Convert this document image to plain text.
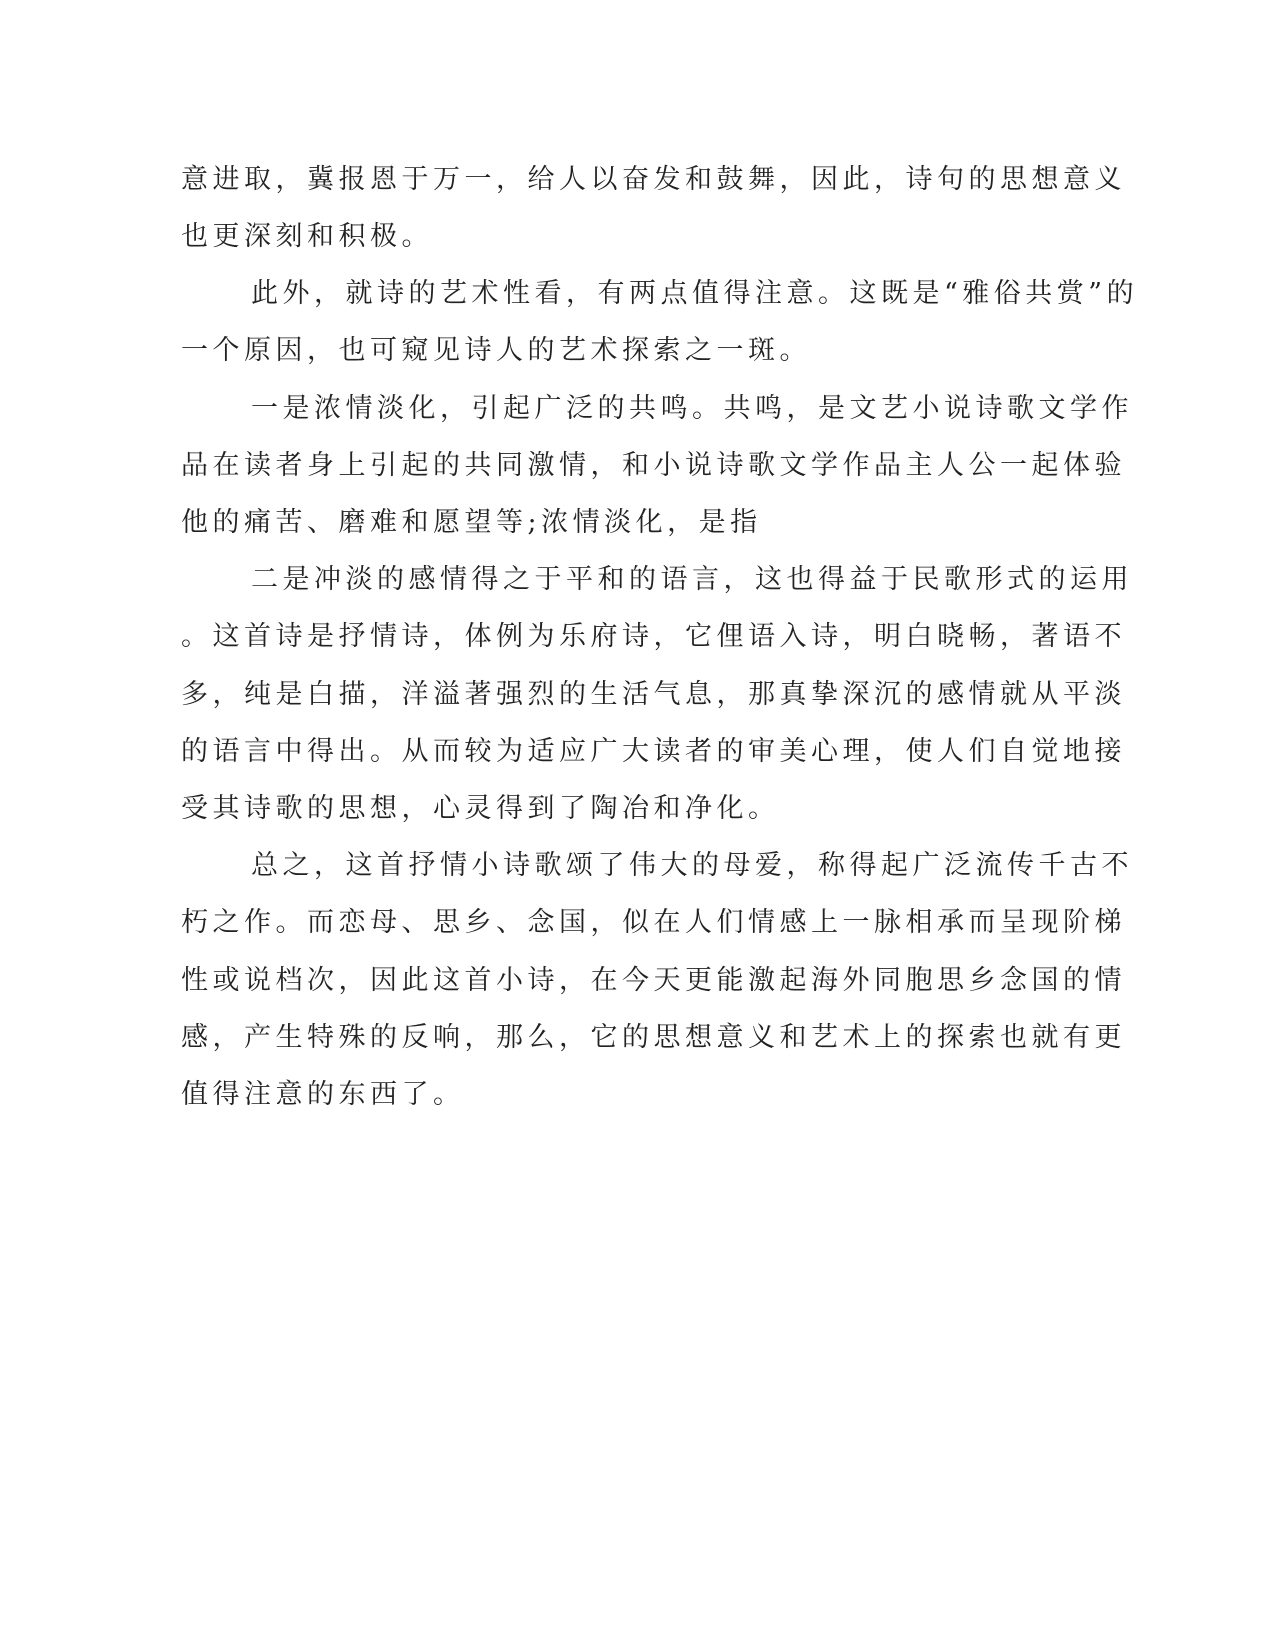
意进取，冀报恩于万一，给人以奋发和鼓舞，因此，诗句的思想意义
也更深刻和积极。
此外，就诗的艺术性看，有两点值得注意。这既是“雅俗共赏”的
一个原因，也可窥见诗人的艺术探索之一斑。
一是浓情淡化，引起广泛的共鸣。共鸣，是文艺小说诗歌文学作
品在读者身上引起的共同激情，和小说诗歌文学作品主人公一起体验
他的痛苦、磨难和愿望等;浓情淡化，是指
二是冲淡的感情得之于平和的语言，这也得益于民歌形式的运用
。这首诗是抒情诗，体例为乐府诗，它俚语入诗，明白晓畅，著语不
多，纯是白描，洋溢著强烈的生活气息，那真挚深沉的感情就从平淡
的语言中得出。从而较为适应广大读者的审美心理，使人们自觉地接
受其诗歌的思想，心灵得到了陶冶和净化。
总之，这首抒情小诗歌颂了伟大的母爱，称得起广泛流传千古不
朽之作。而恋母、思乡、念国，似在人们情感上一脉相承而呈现阶梯
性或说档次，因此这首小诗，在今天更能激起海外同胞思乡念国的情
感，产生特殊的反响，那么，它的思想意义和艺术上的探索也就有更
值得注意的东西了。
